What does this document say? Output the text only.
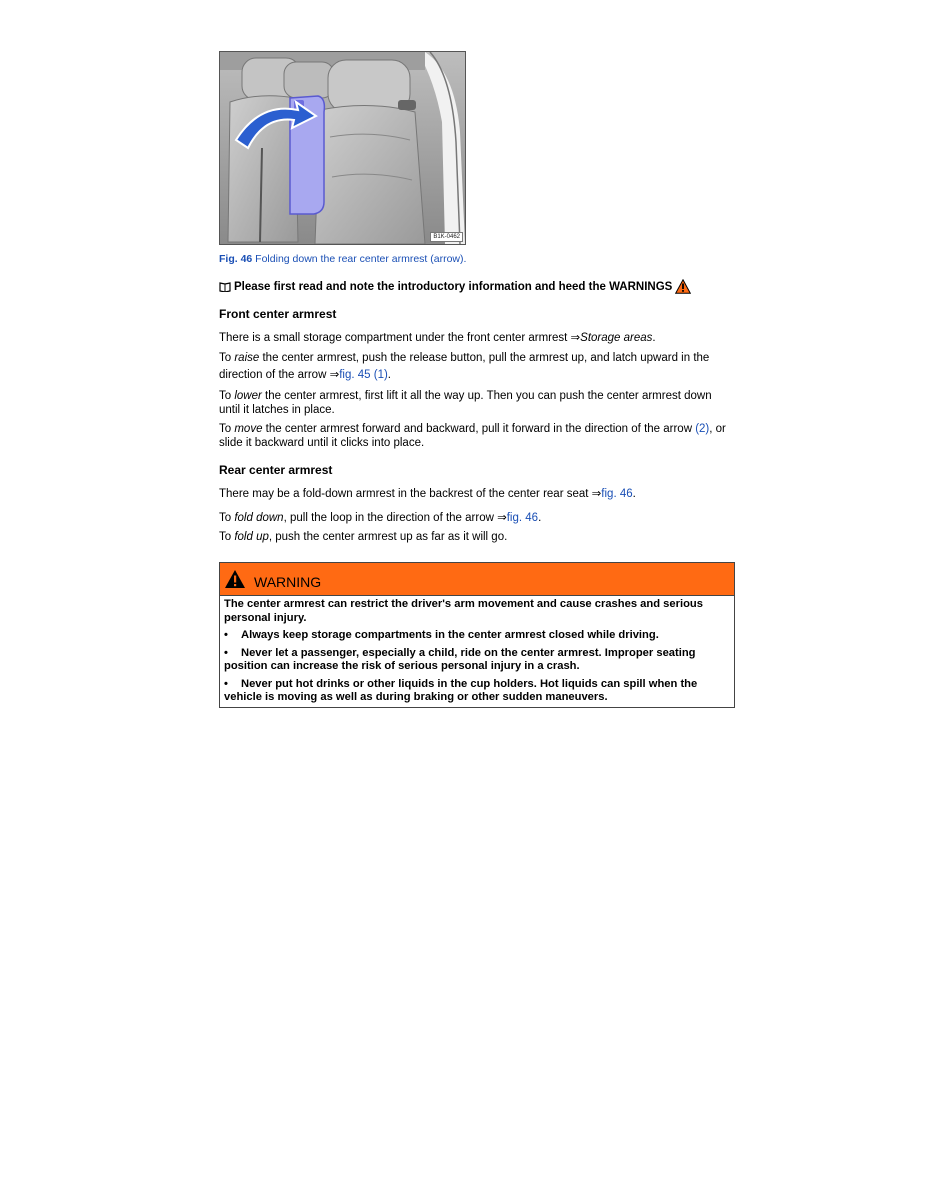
B1K-0462
Fig. 46 Folding down the rear center armrest (arrow).
Please first read and note the introductory information and heed the WARNINGS
Front center armrest

There is a small storage compartment under the front center armrest ⇒Storage areas.

To raise the center armrest, push the release button, pull the armrest up, and latch upward in the direction of the arrow ⇒fig. 45 (1).

To lower the center armrest, first lift it all the way up. Then you can push the center armrest down until it latches in place.

To move the center armrest forward and backward, pull it forward in the direction of the arrow (2), or slide it backward until it clicks into place.

Rear center armrest

There may be a fold-down armrest in the backrest of the center rear seat ⇒fig. 46.

To fold down, pull the loop in the direction of the arrow ⇒fig. 46.

To fold up, push the center armrest up as far as it will go.

WARNING

The center armrest can restrict the driver's arm movement and cause crashes and serious personal injury.

• Always keep storage compartments in the center armrest closed while driving.

• Never let a passenger, especially a child, ride on the center armrest. Improper seating position can increase the risk of serious personal injury in a crash.

• Never put hot drinks or other liquids in the cup holders. Hot liquids can spill when the vehicle is moving as well as during braking or other sudden maneuvers.
